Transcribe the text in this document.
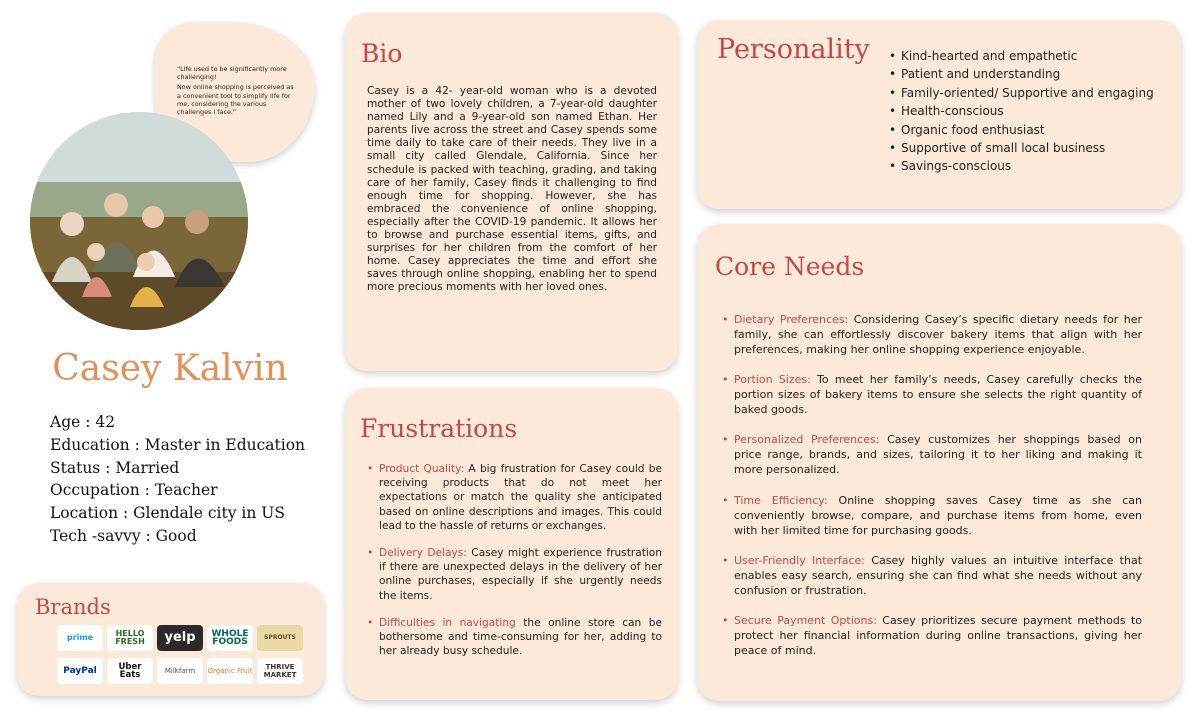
“Life used to be significantly more challenging!
Now online shopping is perceived as a convenient tool to simplify life for me, considering the various challenges I face.”
Casey Kalvin
Age : 42
Education : Master in Education
Status : Married
Occupation : Teacher
Location : Glendale city in US
Tech -savvy : Good
Brands
prime	HELLO FRESH	yelp	WHOLE FOODS	SPROUTS
PayPal	Uber Eats	Milkfarm Organic Fruit	THRIVE MARKET
Bio
Casey is a 42- year-old woman who is a devoted mother of two lovely children, a 7-year-old daughter named Lily and a 9-year-old son named Ethan. Her parents live across the street and Casey spends some time daily to take care of their needs. They live in a small city called Glendale, California. Since her schedule is packed with teaching, grading, and taking care of her family, Casey finds it challenging to find enough time for shopping. However, she has embraced the convenience of online shopping, especially after the COVID-19 pandemic. It allows her to browse and purchase essential items, gifts, and surprises for her children from the comfort of her home. Casey appreciates the time and effort she saves through online shopping, enabling her to spend more precious moments with her loved ones.
Frustrations
• Product Quality: A big frustration for Casey could be receiving products that do not meet her expectations or match the quality she anticipated based on online descriptions and images. This could lead to the hassle of returns or exchanges.
• Delivery Delays: Casey might experience frustration if there are unexpected delays in the delivery of her online purchases, especially if she urgently needs the items.
• Difficulties in navigating the online store can be bothersome and time-consuming for her, adding to her already busy schedule.
Personality
•	Kind-hearted and empathetic
• Patient and understanding
• Family-oriented/ Supportive and engaging
• Health-conscious
• Organic food enthusiast
• Supportive of small local business
• Savings-conscious
Core Needs
• Dietary Preferences: Considering Casey’s specific dietary needs for her family, she can effortlessly discover bakery items that align with her preferences, making her online shopping experience enjoyable.
• Portion Sizes: To meet her family’s needs, Casey carefully checks the portion sizes of bakery items to ensure she selects the right quantity of baked goods.
• Personalized Preferences: Casey customizes her shoppings based on price range, brands, and sizes, tailoring it to her liking and making it more personalized.
• Time Efficiency: Online shopping saves Casey time as she can conveniently browse, compare, and purchase items from home, even with her limited time for purchasing goods.
• User-Friendly Interface: Casey highly values an intuitive interface that enables easy search, ensuring she can find what she needs without any confusion or frustration.
• Secure Payment Options: Casey prioritizes secure payment methods to protect her financial information during online transactions, giving her peace of mind.
